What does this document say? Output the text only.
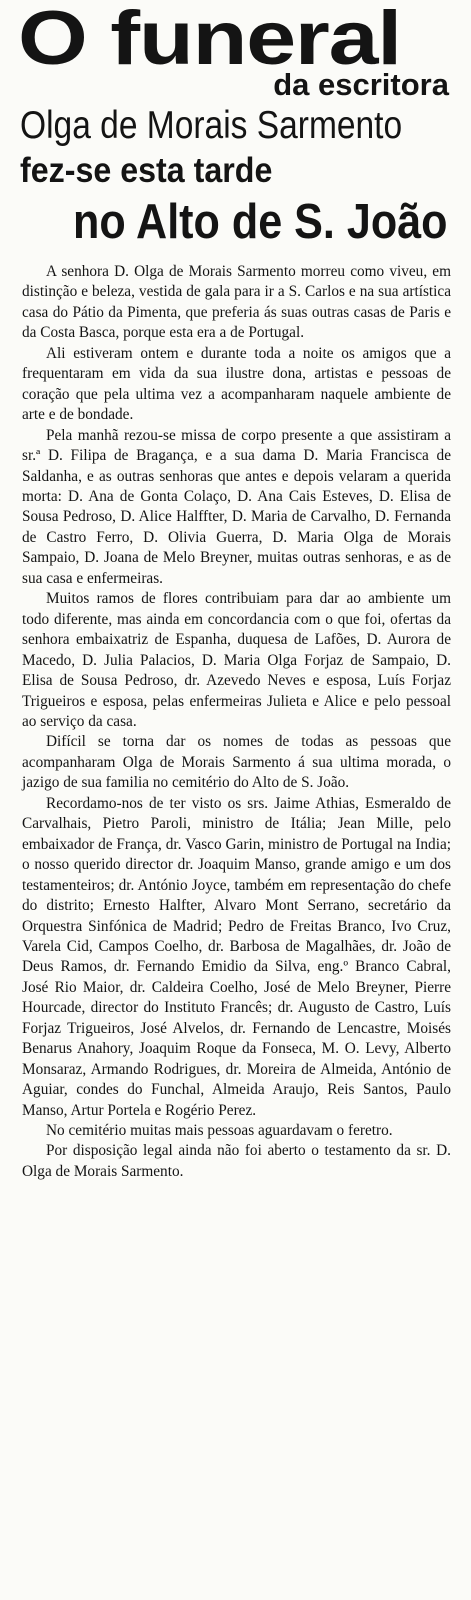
O funeral
da escritora
Olga de Morais Sarmento
fez-se esta tarde
no Alto de S. João

A senhora D. Olga de Morais Sarmento morreu como viveu, em distinção e beleza, vestida de gala para ir a S. Carlos e na sua artística casa do Pátio da Pimenta, que preferia ás suas outras casas de Paris e da Costa Basca, porque esta era a de Portugal.

Ali estiveram ontem e durante toda a noite os amigos que a frequentaram em vida da sua ilustre dona, artistas e pessoas de coração que pela ultima vez a acompanharam naquele ambiente de arte e de bondade.

Pela manhã rezou-se missa de corpo presente a que assistiram a sr.ª D. Filipa de Bragança, e a sua dama D. Maria Francisca de Saldanha, e as outras senhoras que antes e depois velaram a querida morta: D. Ana de Gonta Colaço, D. Ana Cais Esteves, D. Elisa de Sousa Pedroso, D. Alice Halffter, D. Maria de Carvalho, D. Fernanda de Castro Ferro, D. Olivia Guerra, D. Maria Olga de Morais Sampaio, D. Joana de Melo Breyner, muitas outras senhoras, e as de sua casa e enfermeiras.

Muitos ramos de flores contribuiam para dar ao ambiente um todo diferente, mas ainda em concordancia com o que foi, ofertas da senhora embaixatriz de Espanha, duquesa de Lafões, D. Aurora de Macedo, D. Julia Palacios, D. Maria Olga Forjaz de Sampaio, D. Elisa de Sousa Pedroso, dr. Azevedo Neves e esposa, Luís Forjaz Trigueiros e esposa, pelas enfermeiras Julieta e Alice e pelo pessoal ao serviço da casa.

Difícil se torna dar os nomes de todas as pessoas que acompanharam Olga de Morais Sarmento á sua ultima morada, o jazigo de sua familia no cemitério do Alto de S. João.

Recordamo-nos de ter visto os srs. Jaime Athias, Esmeraldo de Carvalhais, Pietro Paroli, ministro de Itália; Jean Mille, pelo embaixador de França, dr. Vasco Garin, ministro de Portugal na India; o nosso querido director dr. Joaquim Manso, grande amigo e um dos testamenteiros; dr. António Joyce, também em representação do chefe do distrito; Ernesto Halfter, Alvaro Mont Serrano, secretário da Orquestra Sinfónica de Madrid; Pedro de Freitas Branco, Ivo Cruz, Varela Cid, Campos Coelho, dr. Barbosa de Magalhães, dr. João de Deus Ramos, dr. Fernando Emidio da Silva, eng.º Branco Cabral, José Rio Maior, dr. Caldeira Coelho, José de Melo Breyner, Pierre Hourcade, director do Instituto Francês; dr. Augusto de Castro, Luís Forjaz Trigueiros, José Alvelos, dr. Fernando de Lencastre, Moisés Benarus Anahory, Joaquim Roque da Fonseca, M. O. Levy, Alberto Monsaraz, Armando Rodrigues, dr. Moreira de Almeida, António de Aguiar, condes do Funchal, Almeida Araujo, Reis Santos, Paulo Manso, Artur Portela e Rogério Perez.

No cemitério muitas mais pessoas aguardavam o feretro.

Por disposição legal ainda não foi aberto o testamento da sr. D. Olga de Morais Sarmento.
